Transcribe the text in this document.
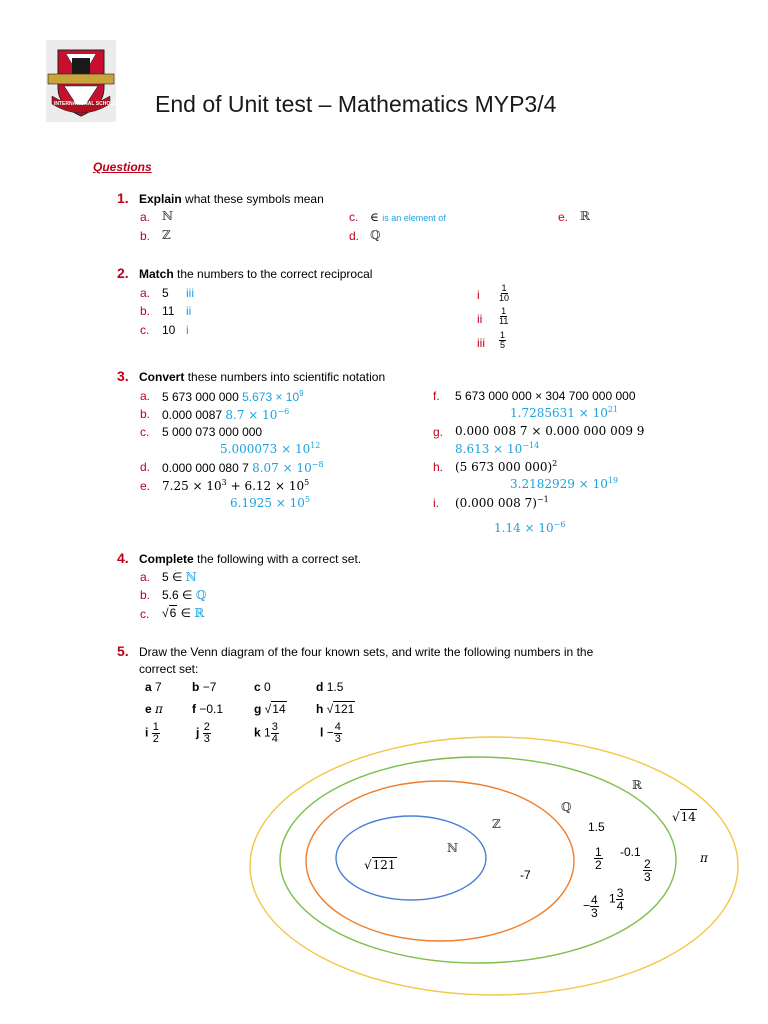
INTERNATIONAL SCHOOL End of Unit test – Mathematics MYP3/4
Questions
1. Explain what these symbols mean
a. ℕ
b. ℤ
c. ∈ is an element of
d. ℚ
e. ℝ
2. Match the numbers to the correct reciprocal
a. 5 iii
b. 11 ii
c. 10 i
i $\frac{1}{10}$
ii $\frac{1}{11}$
iii $\frac{1}{5}$
3. Convert these numbers into scientific notation
a. 5 673 000 000 $5.673 \times 10^9$
b. 0.000 0087 $8.7 \times 10^{-6}$
c. 5 000 073 000 000
$5.000073 \times 10^{12}$
d. 0.000 000 080 7 $8.07 \times 10^{-8}$
e. $7.25 \times 10^3 + 6.12 \times 10^5$
$6.1925 \times 10^5$
f. 5 673 000 000 × 304 700 000 000
$1.7285631 \times 10^{21}$
g. 0.000 008 7 × 0.000 000 009 9
$8.613 \times 10^{-14}$
h. (5 673 000 000)$^2$
$3.2182929 \times 10^{19}$
i. (0.000 008 7)$^{-1}$
$1.14 \times 10^{-6}$
4. Complete the following with a correct set.
a. 5 ∈ ℕ
b. 5.6 ∈ ℚ
c. √6 ∈ ℝ
5. Draw the Venn diagram of the four known sets, and write the following numbers in the
correct set:
a 7	b −7	c 0	d 1.5
e π f −0.1	g √14	h √121
i $\frac{1}{2}$	j $\frac{2}{3}$	k $1 \frac{3}{4}$	$l - \frac{4}{3}$
ℝ
ℚ
ℤ
ℕ
√121
-7
1.5
-0.1
√14
π
$\frac{1}{2}$	$\frac{2}{3}$
− $\frac{4}{3} 1 \frac{3}{4}$
